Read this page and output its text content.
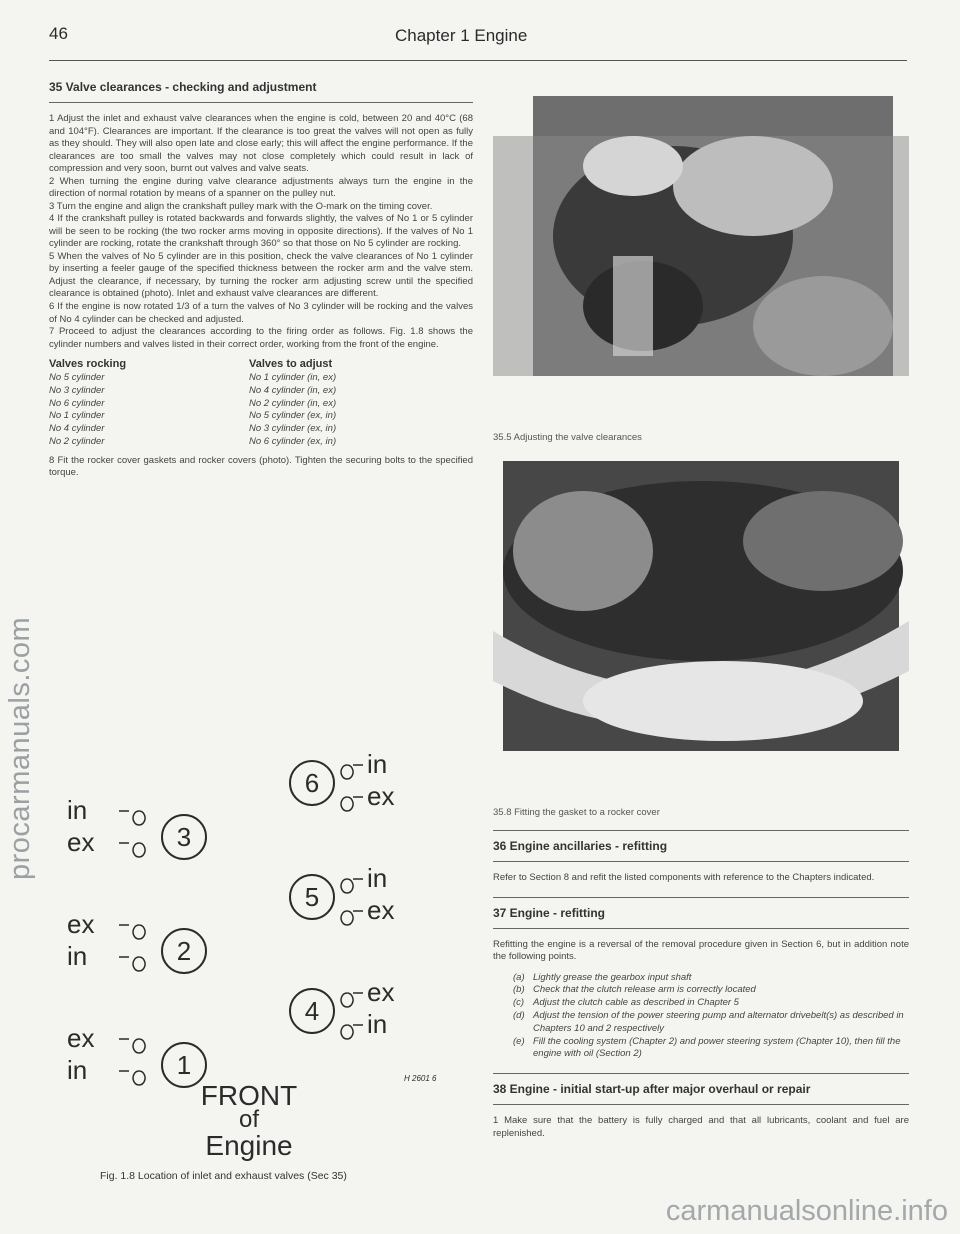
procarmanuals.com
46	Chapter 1 Engine
35 Valve clearances - checking and adjustment

1 Adjust the inlet and exhaust valve clearances when the engine is cold, between 20 and 40°C (68 and 104°F). Clearances are important. If the clearance is too great the valves will not open as fully as they should. They will also open late and close early; this will affect the engine performance. If the clearances are too small the valves may not close completely which could result in lack of compression and very soon, burnt out valves and valve seats.

2 When turning the engine during valve clearance adjustments always turn the engine in the direction of normal rotation by means of a spanner on the pulley nut.

3 Turn the engine and align the crankshaft pulley mark with the O-mark on the timing cover.

4 If the crankshaft pulley is rotated backwards and forwards slightly, the valves of No 1 or 5 cylinder will be seen to be rocking (the two rocker arms moving in opposite directions). If the valves of No 1 cylinder are rocking, rotate the crankshaft through 360° so that those on No 5 cylinder are rocking.

5 When the valves of No 5 cylinder are in this position, check the valve clearances of No 1 cylinder by inserting a feeler gauge of the specified thickness between the rocker arm and the valve stem. Adjust the clearance, if necessary, by turning the rocker arm adjusting screw until the specified clearance is obtained (photo). Inlet and exhaust valve clearances are different.

6 If the engine is now rotated 1/3 of a turn the valves of No 3 cylinder will be rocking and the valves of No 4 cylinder can be checked and adjusted.

7 Proceed to adjust the clearances according to the firing order as follows. Fig. 1.8 shows the cylinder numbers and valves listed in their correct order, working from the front of the engine.

Valves rocking	Valves to adjust
No 5 cylinder	No 1 cylinder (in, ex)
No 3 cylinder	No 4 cylinder (in, ex)
No 6 cylinder	No 2 cylinder (in, ex)
No 1 cylinder	No 5 cylinder (ex, in)
No 4 cylinder	No 3 cylinder (ex, in)
No 2 cylinder	No 6 cylinder (ex, in)

8 Fit the rocker cover gaskets and rocker covers (photo). Tighten the securing bolts to the specified torque.

6
5
4
3
2
1
in
ex
ex
in
ex
in
in
ex
in
ex
ex
in
FRONT
of
Engine
H 2601 6
Fig. 1.8 Location of inlet and exhaust valves (Sec 35)
35.5 Adjusting the valve clearances
35.8 Fitting the gasket to a rocker cover
36 Engine ancillaries - refitting

Refer to Section 8 and refit the listed components with reference to the Chapters indicated.

37 Engine - refitting

Refitting the engine is a reversal of the removal procedure given in Section 6, but in addition note the following points.

(a) Lightly grease the gearbox input shaft
(b) Check that the clutch release arm is correctly located
(c) Adjust the clutch cable as described in Chapter 5
(d) Adjust the tension of the power steering pump and alternator drivebelt(s) as described in Chapters 10 and 2 respectively
(e) Fill the cooling system (Chapter 2) and power steering system (Chapter 10), then fill the engine with oil (Section 2)
38 Engine - initial start-up after major overhaul or repair

1 Make sure that the battery is fully charged and that all lubricants, coolant and fuel are replenished.

carmanualsonline.info
